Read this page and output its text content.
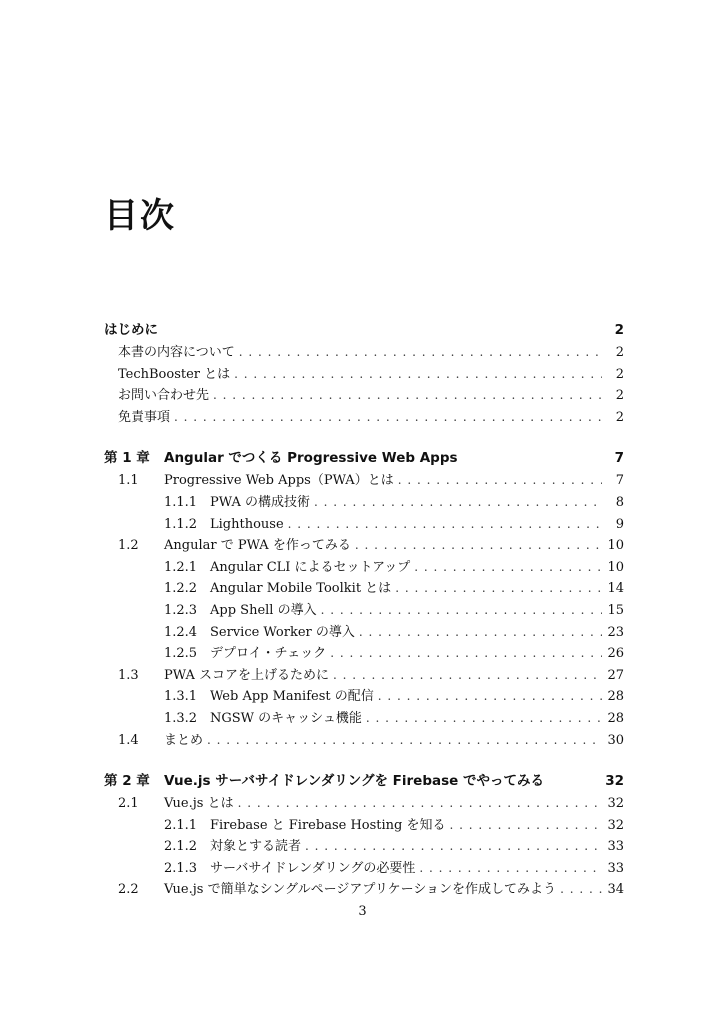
目次
はじめに	2
本書の内容について . . .	2
TechBooster とは . . .	2
お問い合わせ先 . . .	2
免責事項 . . .	2
第 1 章	Angular でつくる Progressive Web Apps	7
1.1	Progressive Web Apps（PWA）とは . . .	7
1.1.1 PWA の構成技術 . . .	8
1.1.2 Lighthouse . . .	9
1.2	Angular で PWA を作ってみる . . .	10
1.2.1 Angular CLI によるセットアップ . . .	10
1.2.2 Angular Mobile Toolkit とは . . .	14
1.2.3 App Shell の導入 . . .	15
1.2.4 Service Worker の導入 . . .	23
1.2.5 デプロイ・チェック . . .	26
1.3	PWA スコアを上げるために . . .	27
1.3.1 Web App Manifest の配信 . . .	28
1.3.2 NGSW のキャッシュ機能 . . .	28
1.4	まとめ . . .	30
第 2 章	Vue.js サーバサイドレンダリングを Firebase でやってみる	32
2.1	Vue.js とは . . .	32
2.1.1 Firebase と Firebase Hosting を知る . . .	32
2.1.2 対象とする読者 . . .	33
2.1.3 サーバサイドレンダリングの必要性 . . .	33
2.2	Vue.js で簡単なシングルページアプリケーションを作成してみよう . . .	34
3
